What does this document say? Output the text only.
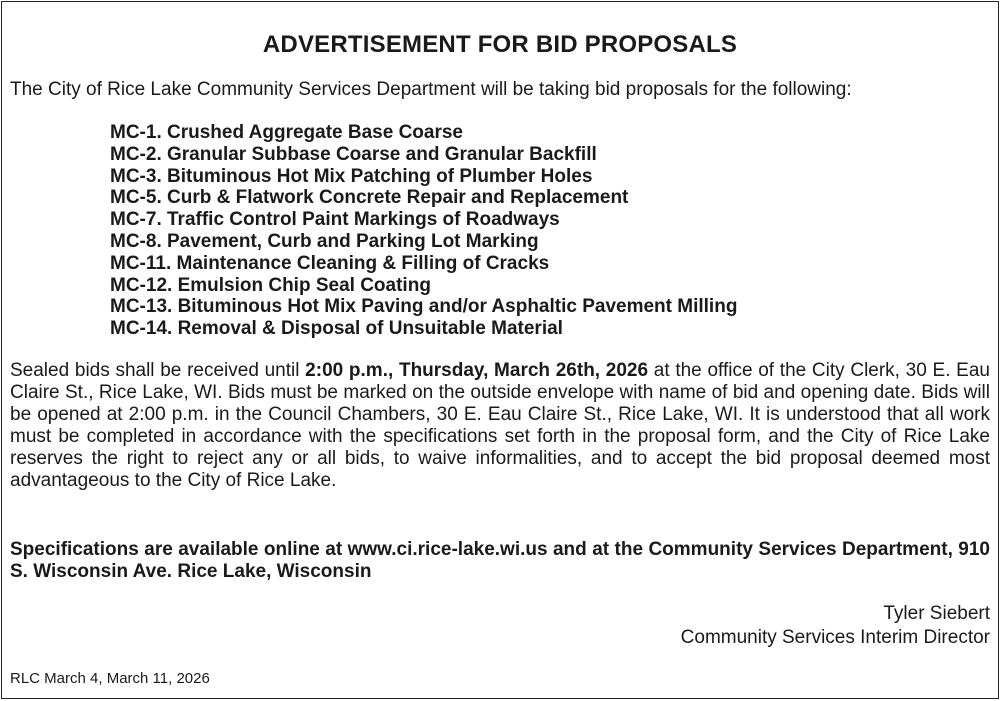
ADVERTISEMENT FOR BID PROPOSALS
The City of Rice Lake Community Services Department will be taking bid proposals for the following:
MC-1. Crushed Aggregate Base Coarse
MC-2. Granular Subbase Coarse and Granular Backfill
MC-3. Bituminous Hot Mix Patching of Plumber Holes
MC-5. Curb & Flatwork Concrete Repair and Replacement
MC-7. Traffic Control Paint Markings of Roadways
MC-8. Pavement, Curb and Parking Lot Marking
MC-11. Maintenance Cleaning & Filling of Cracks
MC-12. Emulsion Chip Seal Coating
MC-13. Bituminous Hot Mix Paving and/or Asphaltic Pavement Milling
MC-14. Removal & Disposal of Unsuitable Material

Sealed bids shall be received until 2:00 p.m., Thursday, March 26th, 2026 at the office of the City Clerk, 30 E. Eau Claire St., Rice Lake, WI. Bids must be marked on the outside envelope with name of bid and opening date. Bids will be opened at 2:00 p.m. in the Council Chambers, 30 E. Eau Claire St., Rice Lake, WI. It is understood that all work must be completed in accordance with the specifications set forth in the proposal form, and the City of Rice Lake reserves the right to reject any or all bids, to waive informalities, and to accept the bid proposal deemed most advantageous to the City of Rice Lake.

Specifications are available online at www.ci.rice-lake.wi.us and at the Community Services Department, 910 S. Wisconsin Ave. Rice Lake, Wisconsin

Tyler Siebert
Community Services Interim Director
RLC March 4, March 11, 2026
